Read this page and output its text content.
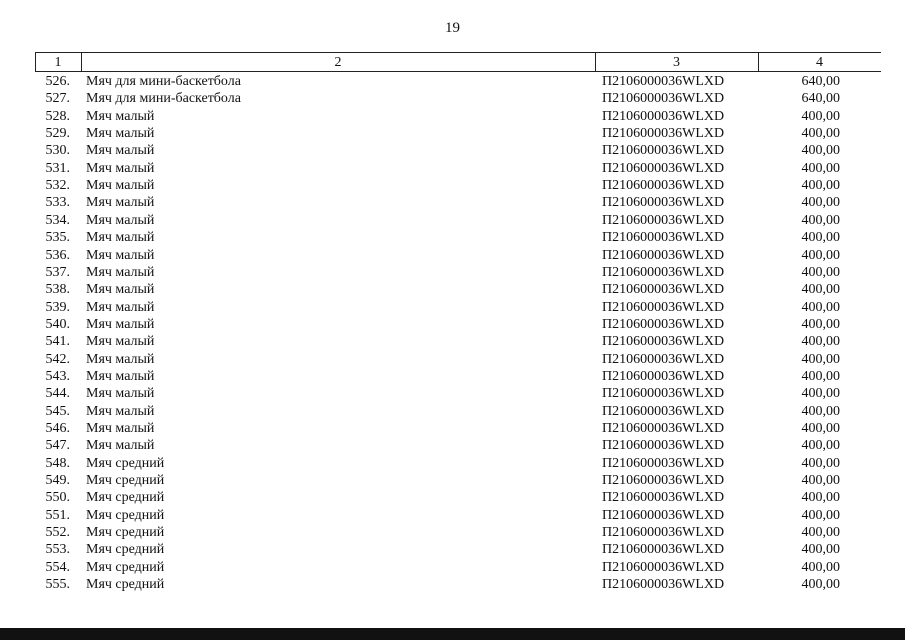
19
1	2	3	4
526. Мяч для мини-баскетбола	П2106000036WLXD	640,00
527. Мяч для мини-баскетбола	П2106000036WLXD	640,00
528. Мяч малый	П2106000036WLXD	400,00
529. Мяч малый	П2106000036WLXD	400,00
530. Мяч малый	П2106000036WLXD	400,00
531. Мяч малый	П2106000036WLXD	400,00
532. Мяч малый	П2106000036WLXD	400,00
533. Мяч малый	П2106000036WLXD	400,00
534. Мяч малый	П2106000036WLXD	400,00
535. Мяч малый	П2106000036WLXD	400,00
536. Мяч малый	П2106000036WLXD	400,00
537. Мяч малый	П2106000036WLXD	400,00
538. Мяч малый	П2106000036WLXD	400,00
539. Мяч малый	П2106000036WLXD	400,00
540. Мяч малый	П2106000036WLXD	400,00
541. Мяч малый	П2106000036WLXD	400,00
542. Мяч малый	П2106000036WLXD	400,00
543. Мяч малый	П2106000036WLXD	400,00
544. Мяч малый	П2106000036WLXD	400,00
545. Мяч малый	П2106000036WLXD	400,00
546. Мяч малый	П2106000036WLXD	400,00
547. Мяч малый	П2106000036WLXD	400,00
548. Мяч средний	П2106000036WLXD	400,00
549. Мяч средний	П2106000036WLXD	400,00
550. Мяч средний	П2106000036WLXD	400,00
551. Мяч средний	П2106000036WLXD	400,00
552. Мяч средний	П2106000036WLXD	400,00
553. Мяч средний	П2106000036WLXD	400,00
554. Мяч средний	П2106000036WLXD	400,00
555. Мяч средний	П2106000036WLXD	400,00
